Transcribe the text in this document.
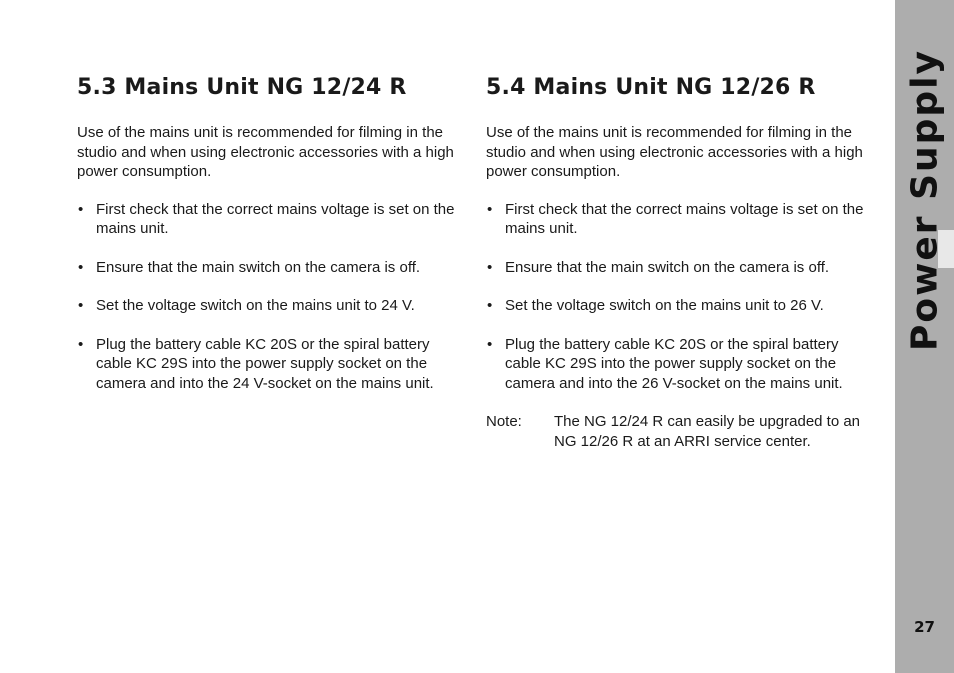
5.3 Mains Unit NG 12/24 R

Use of the mains unit is recommended for filming in the studio and when using electronic accessories with a high power consumption.

• First check that the correct mains voltage is set on the mains unit.
• Ensure that the main switch on the camera is off.
• Set the voltage switch on the mains unit to 24 V.
• Plug the battery cable KC 20S or the spiral battery cable KC 29S into the power supply socket on the camera and into the 24 V-socket on the mains unit.
5.4 Mains Unit NG 12/26 R

Use of the mains unit is recommended for filming in the studio and when using electronic accessories with a high power consumption.

• First check that the correct mains voltage is set on the mains unit.
• Ensure that the main switch on the camera is off.
• Set the voltage switch on the mains unit to 26 V.
• Plug the battery cable KC 20S or the spiral battery cable KC 29S into the power supply socket on the camera and into the 26 V-socket on the mains unit.
Note:	The NG 12/24 R can easily be upgraded to an NG 12/26 R at an ARRI service center.
Power Supply
27
